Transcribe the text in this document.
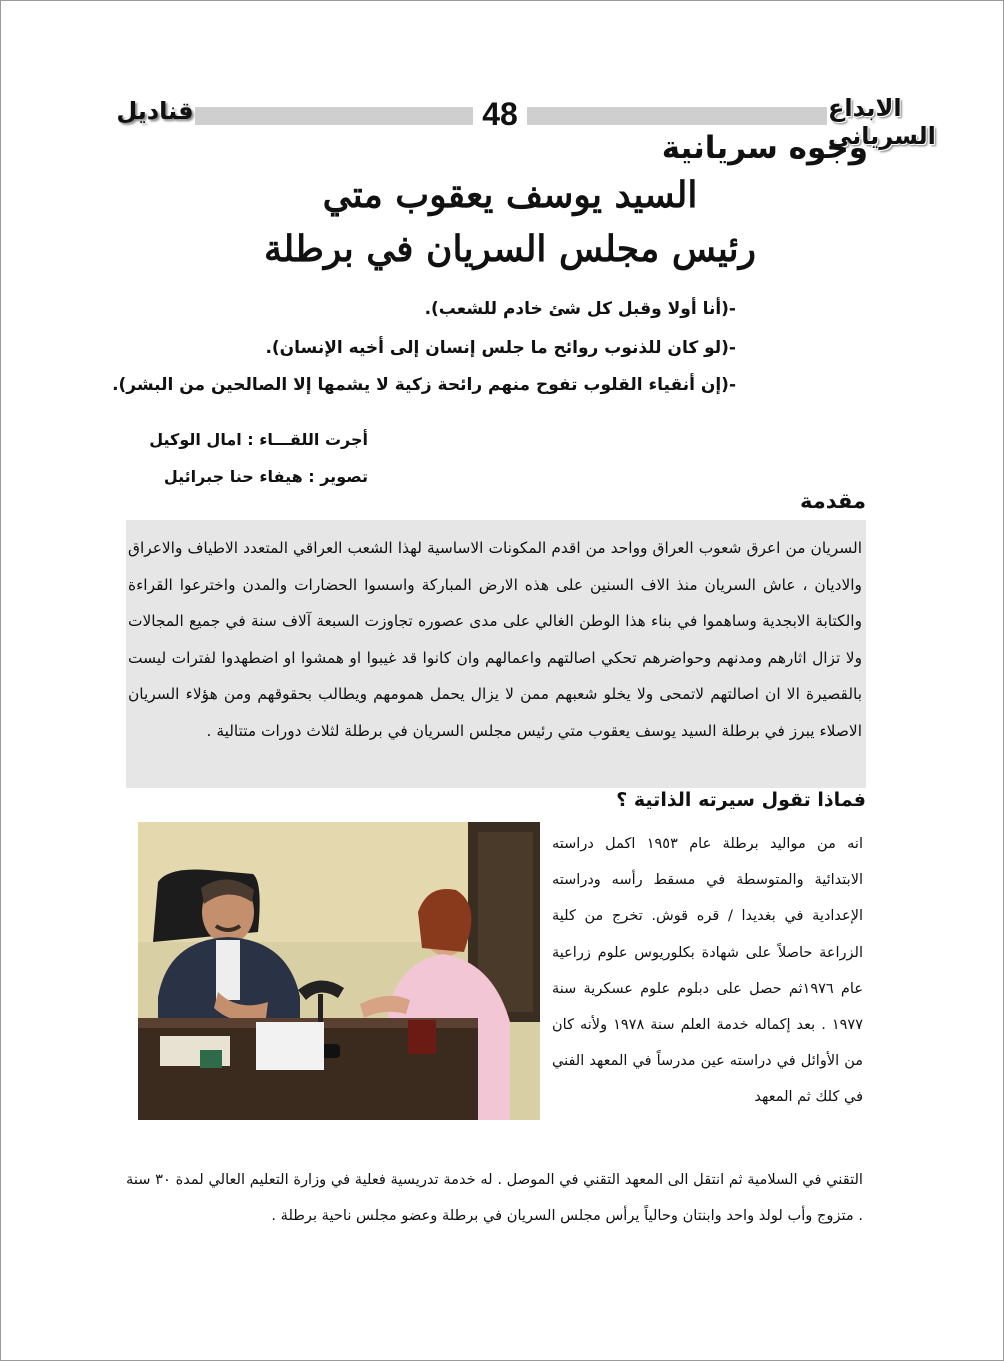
قناديل	48	الابداع السرياني
وجوه سريانية
السيد يوسف يعقوب متي
رئيس مجلس السريان في برطلة
-(أنا أولا وقبل كل شئ خادم للشعب).
-(لو كان للذنوب روائح ما جلس إنسان إلى أخيه الإنسان).
-(إن أنقياء القلوب تفوح منهم رائحة زكية لا يشمها إلا الصالحين من البشر).
أجرت اللقـــاء : امال الوكيل
تصوير : هيفاء حنا جبرائيل
مقدمة
السريان من اعرق شعوب العراق وواحد من اقدم المكونات الاساسية لهذا الشعب العراقي المتعدد الاطياف والاعراق والاديان ، عاش السريان منذ الاف السنين على هذه الارض المباركة واسسوا الحضارات والمدن واخترعوا القراءة والكتابة الابجدية وساهموا في بناء هذا الوطن الغالي على مدى عصوره تجاوزت السبعة آلاف سنة في جميع المجالات ولا تزال اثارهم ومدنهم وحواضرهم تحكي اصالتهم واعمالهم وان كانوا قد غيبوا او همشوا او اضطهدوا لفترات ليست بالقصيرة الا ان اصالتهم لاتمحى ولا يخلو شعبهم ممن لا يزال يحمل همومهم ويطالب بحقوقهم ومن هؤلاء السريان الاصلاء يبرز في برطلة السيد يوسف يعقوب متي رئيس مجلس السريان في برطلة لثلاث دورات متتالية .
فماذا تقول سيرته الذاتية ؟
انه من مواليد برطلة عام ١٩٥٣ اكمل دراسته الابتدائية والمتوسطة في مسقط رأسه ودراسته الإعدادية في بغديدا / قره قوش. تخرج من كلية الزراعة حاصلاً على شهادة بكلوريوس علوم زراعية عام ١٩٧٦ثم حصل على دبلوم علوم عسكرية سنة ١٩٧٧ . بعد إكماله خدمة العلم سنة ١٩٧٨ ولأنه كان من الأوائل في دراسته عين مدرساً في المعهد الفني في كلك ثم المعهد
التقني في السلامية ثم انتقل الى المعهد التقني في الموصل . له خدمة تدريسية فعلية في وزارة التعليم العالي لمدة ٣٠ سنة . متزوج وأب لولد واحد وابنتان وحالياً يرأس مجلس السريان في برطلة وعضو مجلس ناحية برطلة .
